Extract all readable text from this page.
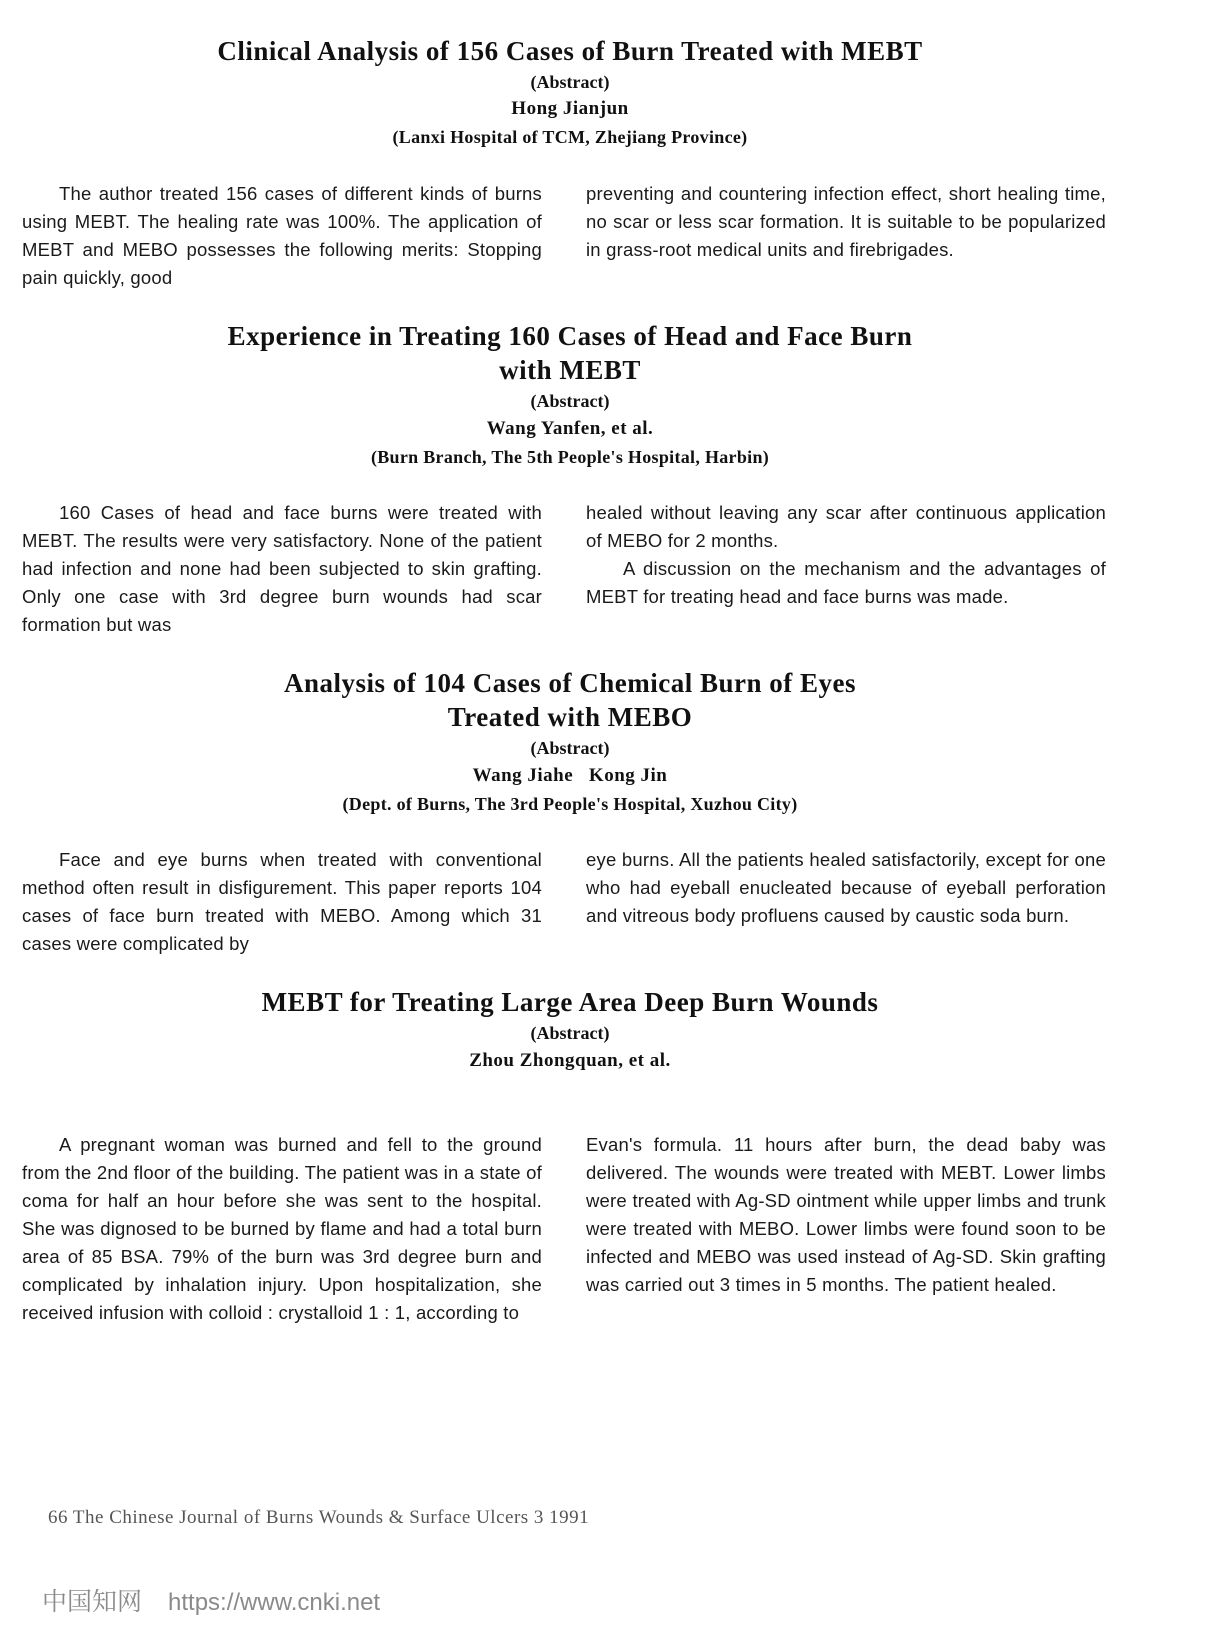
Clinical Analysis of 156 Cases of Burn Treated with MEBT
(Abstract)
Hong Jianjun
(Lanxi Hospital of TCM, Zhejiang Province)

The author treated 156 cases of different kinds of burns using MEBT. The healing rate was 100%. The application of MEBT and MEBO possesses the following merits: Stopping pain quickly, good

preventing and countering infection effect, short healing time, no scar or less scar formation. It is suitable to be popularized in grass-root medical units and firebrigades.

Experience in Treating 160 Cases of Head and Face Burn
with MEBT
(Abstract)
Wang Yanfen, et al.
(Burn Branch, The 5th People's Hospital, Harbin)

160 Cases of head and face burns were treated with MEBT. The results were very satisfactory. None of the patient had infection and none had been subjected to skin grafting. Only one case with 3rd degree burn wounds had scar formation but was

healed without leaving any scar after continuous application of MEBO for 2 months.

A discussion on the mechanism and the advantages of MEBT for treating head and face burns was made.

Analysis of 104 Cases of Chemical Burn of Eyes
Treated with MEBO
(Abstract)
Wang Jiahe   Kong Jin
(Dept. of Burns, The 3rd People's Hospital, Xuzhou City)

Face and eye burns when treated with conventional method often result in disfigurement. This paper reports 104 cases of face burn treated with MEBO. Among which 31 cases were complicated by

eye burns. All the patients healed satisfactorily, except for one who had eyeball enucleated because of eyeball perforation and vitreous body profluens caused by caustic soda burn.

MEBT for Treating Large Area Deep Burn Wounds
(Abstract)
Zhou Zhongquan, et al.

A pregnant woman was burned and fell to the ground from the 2nd floor of the building. The patient was in a state of coma for half an hour before she was sent to the hospital. She was dignosed to be burned by flame and had a total burn area of 85 BSA. 79% of the burn was 3rd degree burn and complicated by inhalation injury. Upon hospitalization, she received infusion with colloid : crystalloid 1 : 1, according to

Evan's formula. 11 hours after burn, the dead baby was delivered. The wounds were treated with MEBT. Lower limbs were treated with Ag-SD ointment while upper limbs and trunk were treated with MEBO. Lower limbs were found soon to be infected and MEBO was used instead of Ag-SD. Skin grafting was carried out 3 times in 5 months. The patient healed.

66 The Chinese Journal of Burns Wounds & Surface Ulcers 3 1991
中国知网 https://www.cnki.net
